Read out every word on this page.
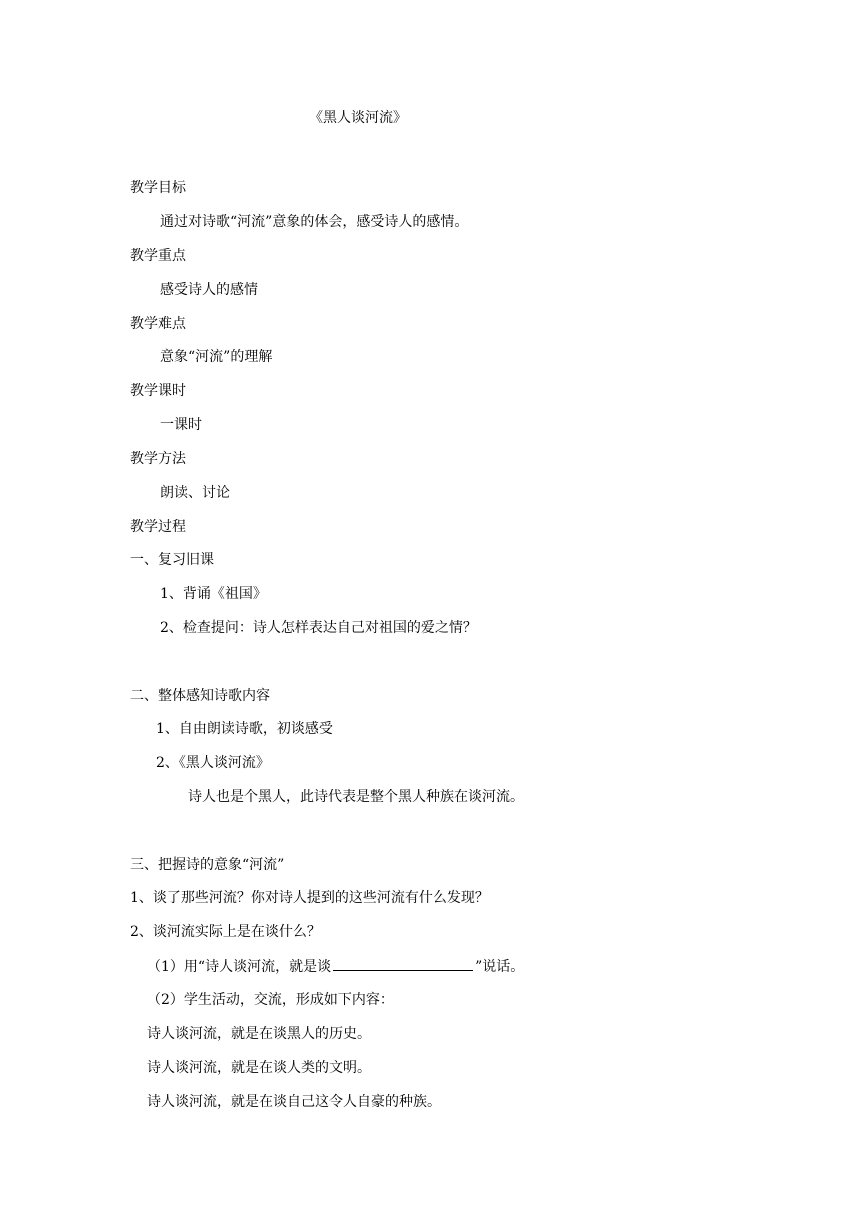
《黑人谈河流》
教学目标
通过对诗歌“河流”意象的体会，感受诗人的感情。
教学重点
感受诗人的感情
教学难点
意象“河流”的理解
教学课时
一课时
教学方法
朗读、讨论
教学过程
一、复习旧课
1、背诵《祖国》
2、检查提问：诗人怎样表达自己对祖国的爱之情？
二、整体感知诗歌内容
1、自由朗读诗歌，初谈感受
2、《黑人谈河流》
诗人也是个黑人，此诗代表是整个黑人种族在谈河流。
三、把握诗的意象“河流”
1、谈了那些河流？你对诗人提到的这些河流有什么发现？
2、谈河流实际上是在谈什么？
（1）用“诗人谈河流，就是谈	”说话。
（2）学生活动，交流，形成如下内容：
诗人谈河流，就是在谈黑人的历史。
诗人谈河流，就是在谈人类的文明。
诗人谈河流，就是在谈自己这令人自豪的种族。
